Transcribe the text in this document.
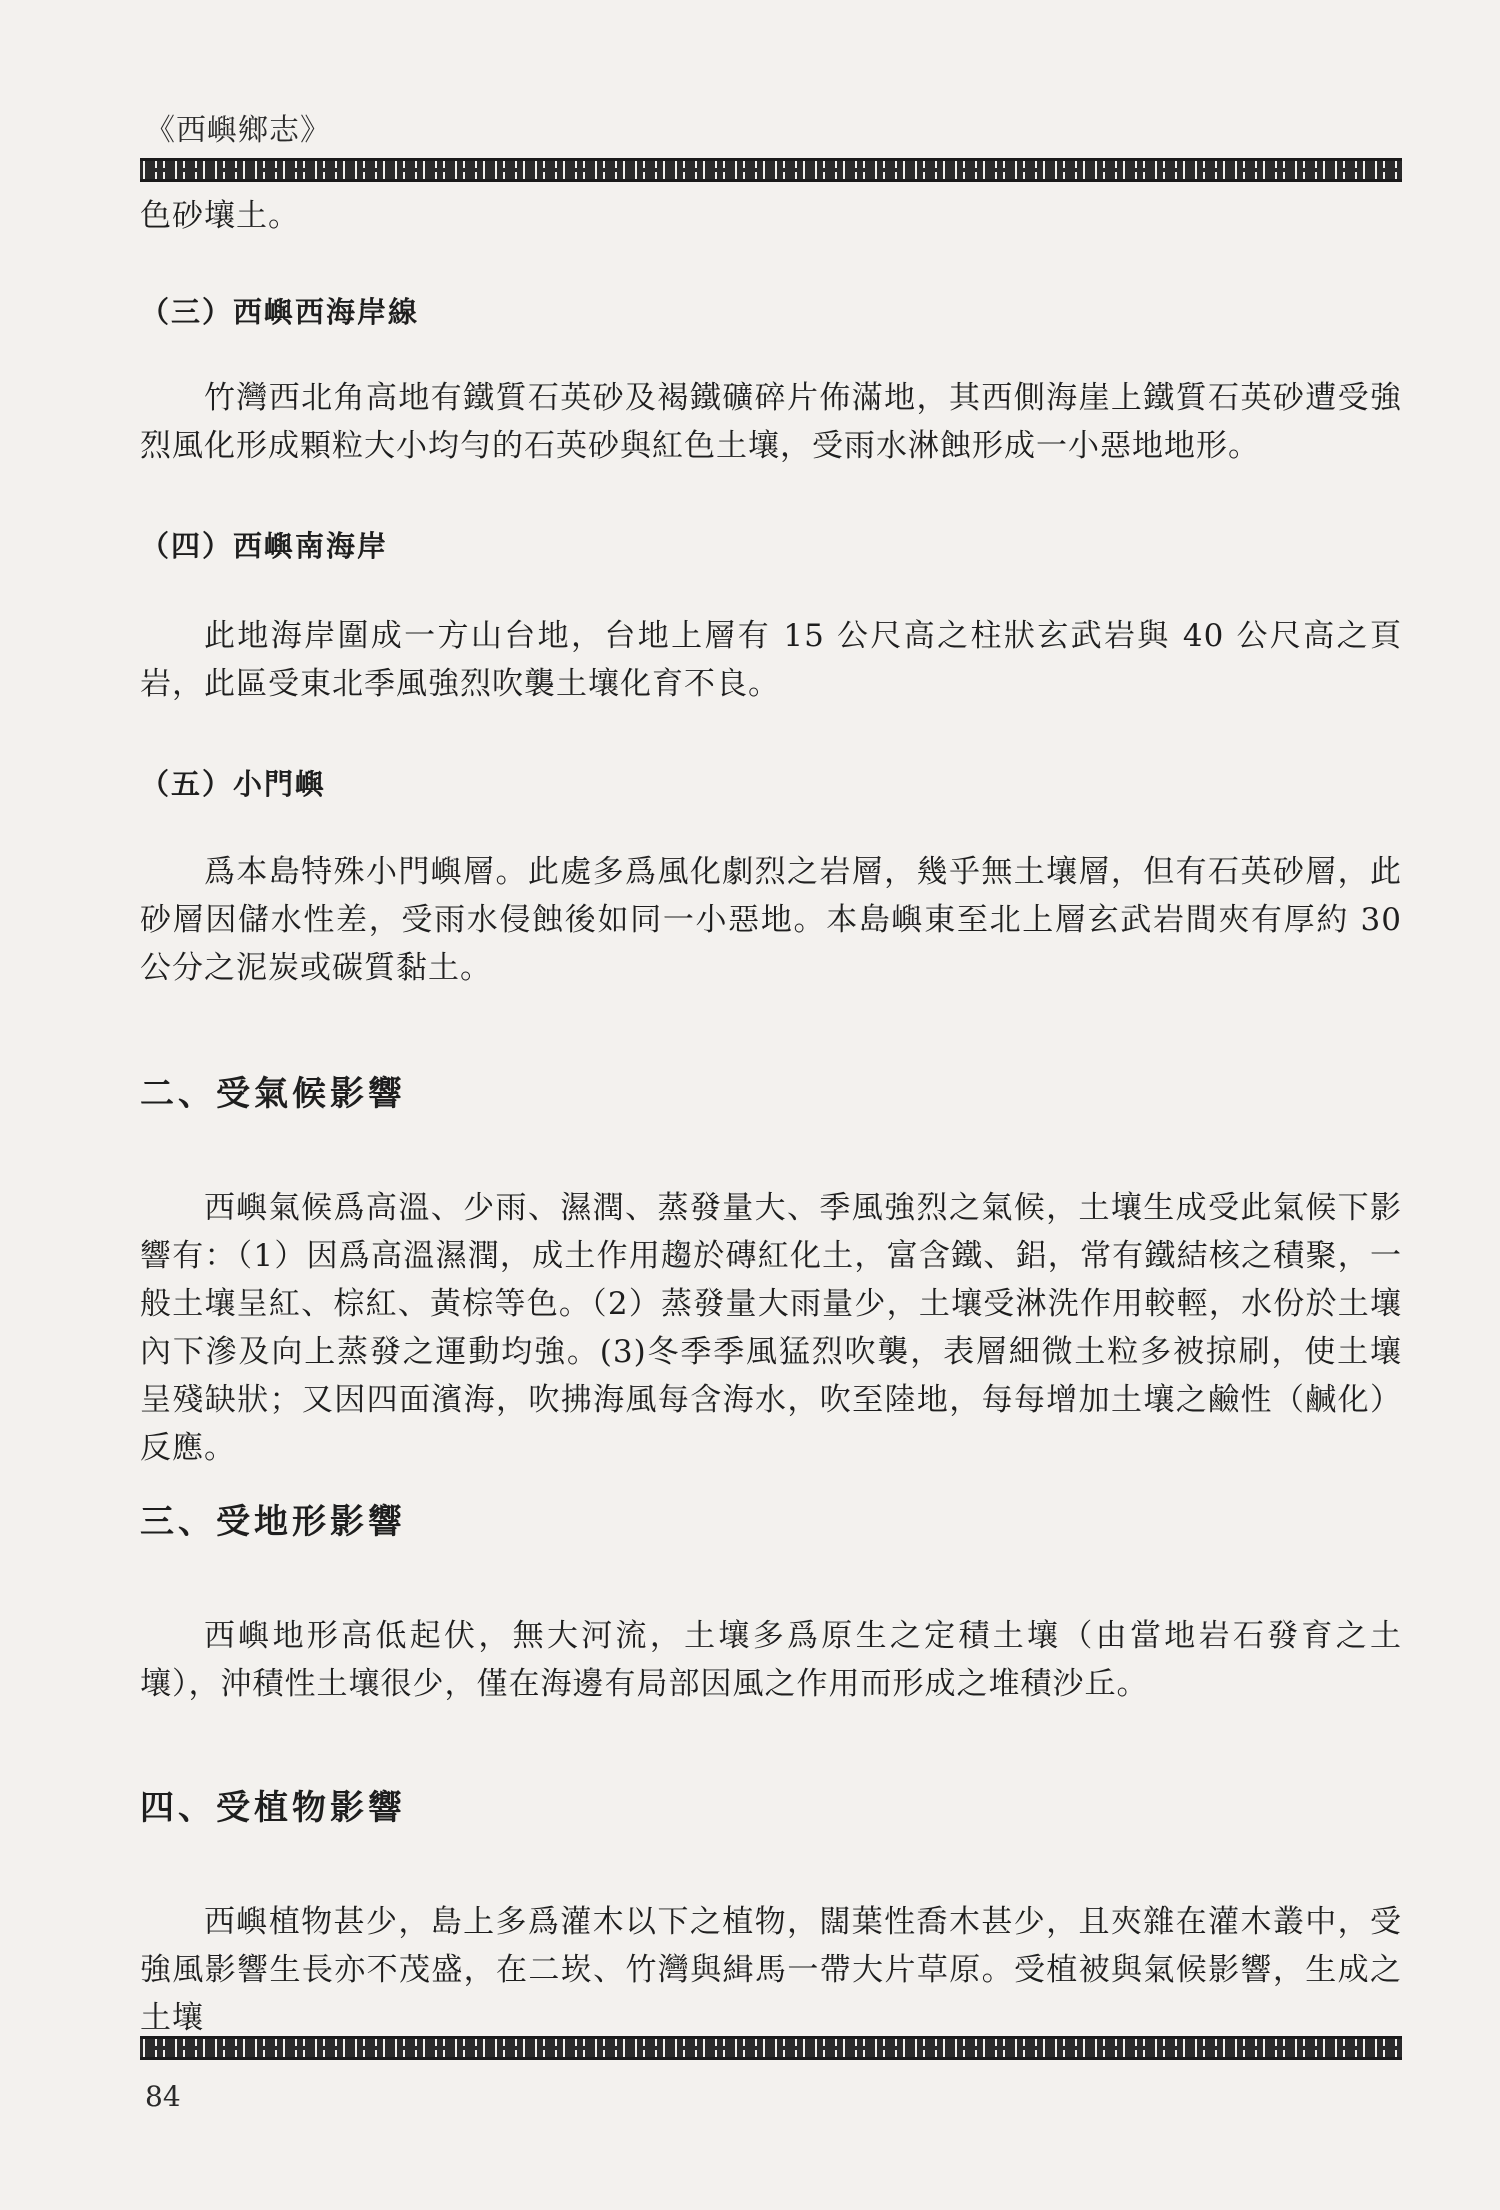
《西嶼鄉志》

色砂壤土。

（三）西嶼西海岸線

竹灣西北角高地有鐵質石英砂及褐鐵礦碎片佈滿地，其西側海崖上鐵質石英砂遭受強烈風化形成顆粒大小均勻的石英砂與紅色土壤，受雨水淋蝕形成一小惡地地形。

（四）西嶼南海岸

此地海岸圍成一方山台地，台地上層有 15 公尺高之柱狀玄武岩與 40 公尺高之頁岩，此區受東北季風強烈吹襲土壤化育不良。

（五）小門嶼

爲本島特殊小門嶼層。此處多爲風化劇烈之岩層，幾乎無土壤層，但有石英砂層，此砂層因儲水性差，受雨水侵蝕後如同一小惡地。本島嶼東至北上層玄武岩間夾有厚約 30 公分之泥炭或碳質黏土。

二、受氣候影響

西嶼氣候爲高溫、少雨、濕潤、蒸發量大、季風強烈之氣候，土壤生成受此氣候下影響有：（1）因爲高溫濕潤，成土作用趨於磚紅化土，富含鐵、鋁，常有鐵結核之積聚，一般土壤呈紅、棕紅、黃棕等色。（2）蒸發量大雨量少，土壤受淋洗作用較輕，水份於土壤內下滲及向上蒸發之運動均強。(3)冬季季風猛烈吹襲，表層細微土粒多被掠刷，使土壤呈殘缺狀；又因四面濱海，吹拂海風每含海水，吹至陸地，每每增加土壤之鹼性（鹹化）反應。

三、受地形影響

西嶼地形高低起伏，無大河流，土壤多爲原生之定積土壤（由當地岩石發育之土壤），沖積性土壤很少，僅在海邊有局部因風之作用而形成之堆積沙丘。

四、受植物影響

西嶼植物甚少，島上多爲灌木以下之植物，闊葉性喬木甚少，且夾雜在灌木叢中，受強風影響生長亦不茂盛，在二崁、竹灣與緝馬一帶大片草原。受植被與氣候影響，生成之土壤

84
